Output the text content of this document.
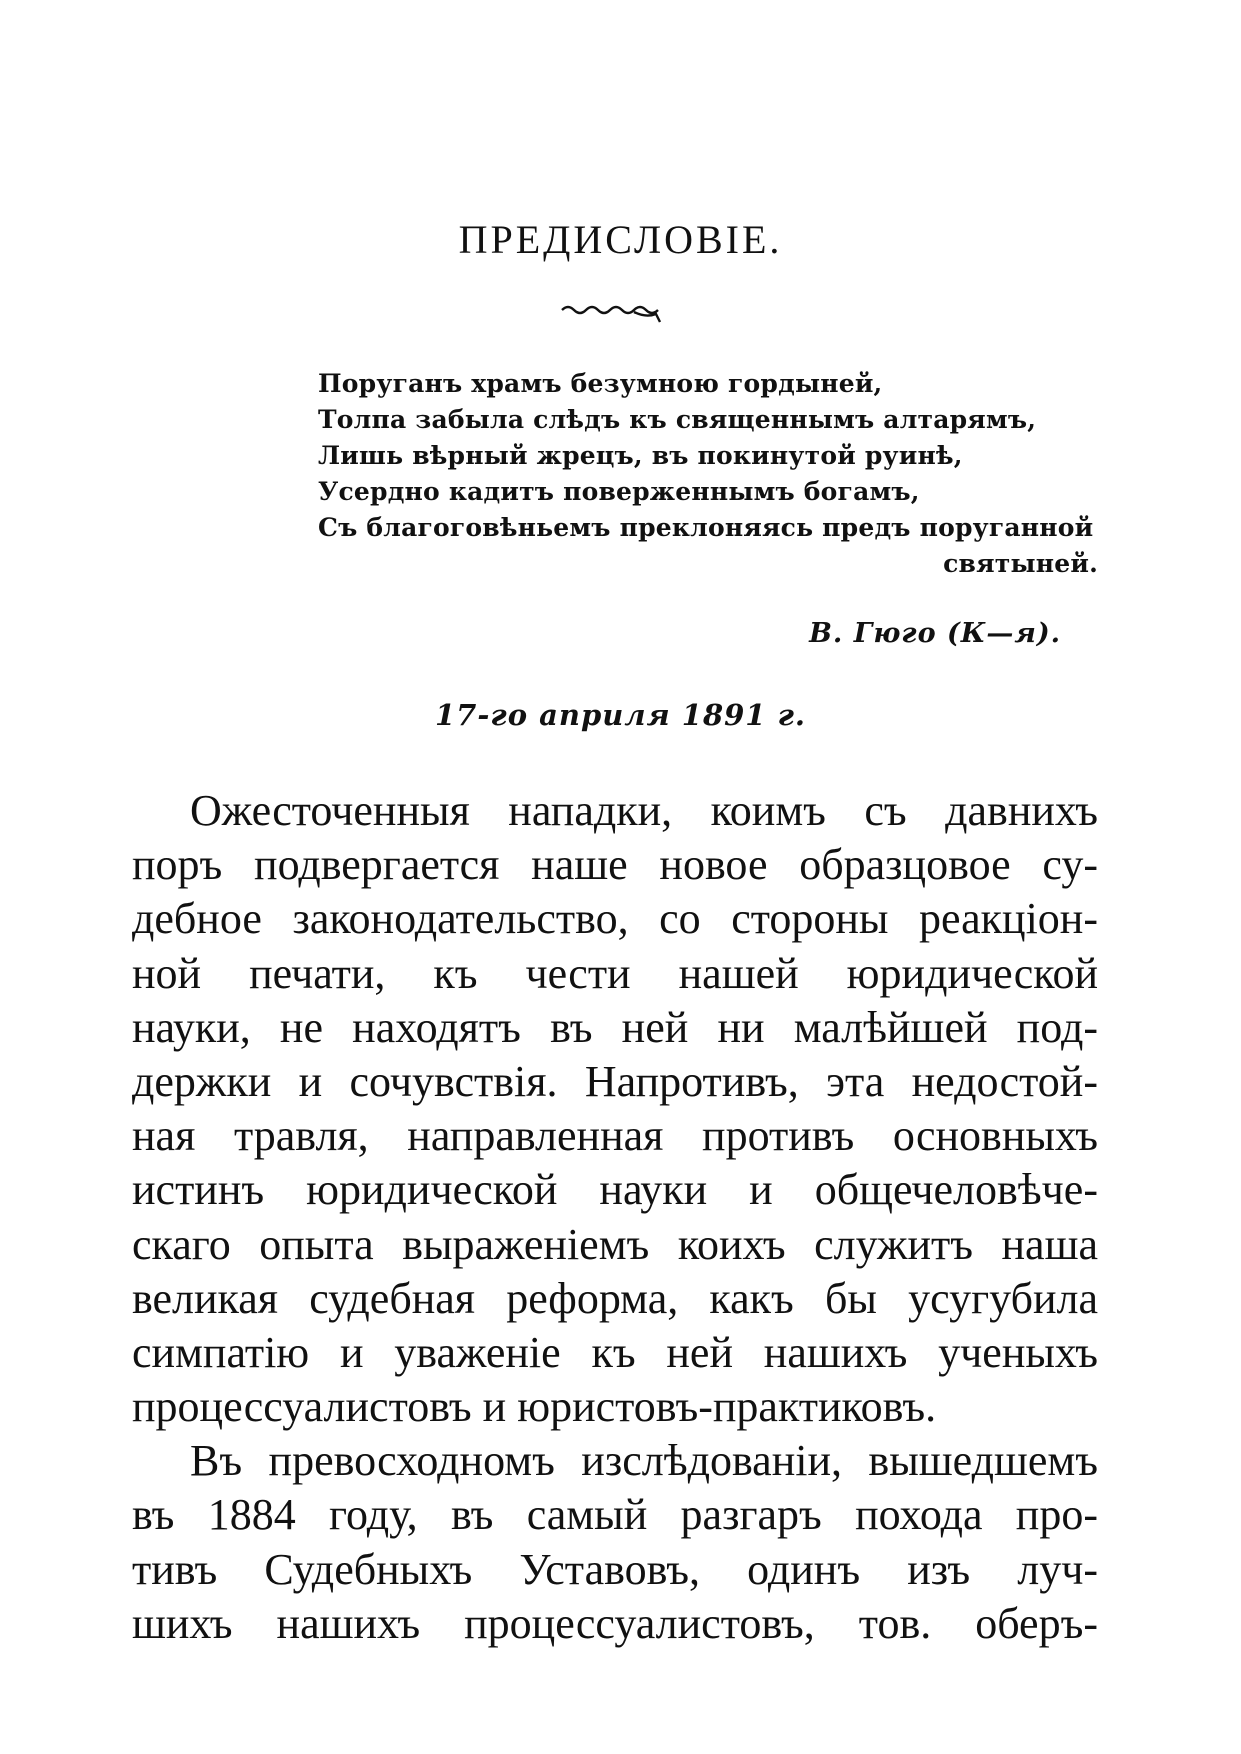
ПРЕДИСЛОВІЕ.
Поруганъ храмъ безумною гордыней,
Толпа забыла слѣдъ къ священнымъ алтарямъ,
Лишь вѣрный жрецъ, въ покинутой руинѣ,
Усердно кадитъ поверженнымъ богамъ,
Съ благоговѣньемъ преклоняясь предъ поруганной
святыней.
В. Гюго (К—я).
17-го априля 1891 г.
Ожесточенныя нападки, коимъ съ давнихъ
поръ подвергается наше новое образцовое су-
дебное законодательство, со стороны реакціон-
ной печати, къ чести нашей юридической
науки, не находятъ въ ней ни малѣйшей под-
держки и сочувствія. Напротивъ, эта недостой-
ная травля, направленная противъ основныхъ
истинъ юридической науки и общечеловѣче-
скаго опыта выраженіемъ коихъ служитъ наша
великая судебная реформа, какъ бы усугубила
симпатію и уваженіе къ ней нашихъ ученыхъ
процессуалистовъ и юристовъ-практиковъ.
Въ превосходномъ изслѣдованіи, вышедшемъ
въ 1884 году, въ самый разгаръ похода про-
тивъ Судебныхъ Уставовъ, одинъ изъ луч-
шихъ нашихъ процессуалистовъ, тов. оберъ-
